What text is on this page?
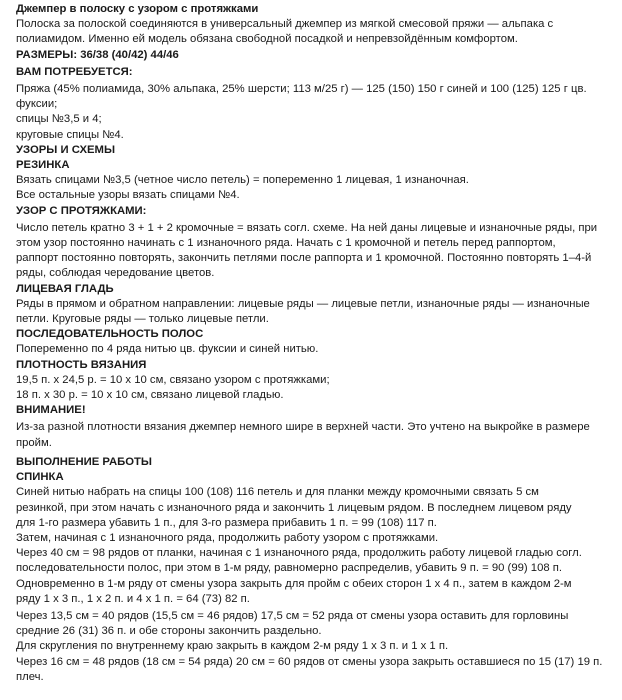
Джемпер в полоску с узором с протяжками
Полоска за полоской соединяются в универсальный джемпер из мягкой смесовой пряжи — альпака с
полиамидом. Именно ей модель обязана свободной посадкой и непревзойдённым комфортом.
РАЗМЕРЫ: 36/38 (40/42) 44/46
ВАМ ПОТРЕБУЕТСЯ:
Пряжа (45% полиамида, 30% альпака, 25% шерсти; 113 м/25 г) — 125 (150) 150 г синей и 100 (125) 125 г цв.
фуксии;
спицы №3,5 и 4;
круговые спицы №4.
УЗОРЫ И СХЕМЫ
РЕЗИНКА
Вязать спицами №3,5 (четное число петель) = попеременно 1 лицевая, 1 изнаночная.
Все остальные узоры вязать спицами №4.
УЗОР С ПРОТЯЖКАМИ:
Число петель кратно 3 + 1 + 2 кромочные = вязать согл. схеме. На ней даны лицевые и изнаночные ряды, при
этом узор постоянно начинать с 1 изнаночного ряда. Начать с 1 кромочной и петель перед раппортом,
раппорт постоянно повторять, закончить петлями после раппорта и 1 кромочной. Постоянно повторять 1–4-й
ряды, соблюдая чередование цветов.
ЛИЦЕВАЯ ГЛАДЬ
Ряды в прямом и обратном направлении: лицевые ряды — лицевые петли, изнаночные ряды — изнаночные
петли. Круговые ряды — только лицевые петли.
ПОСЛЕДОВАТЕЛЬНОСТЬ ПОЛОС
Попеременно по 4 ряда нитью цв. фуксии и синей нитью.
ПЛОТНОСТЬ ВЯЗАНИЯ
19,5 п. х 24,5 р. = 10 х 10 см, связано узором с протяжками;
18 п. х 30 р. = 10 х 10 см, связано лицевой гладью.
ВНИМАНИЕ!
Из-за разной плотности вязания джемпер немного шире в верхней части. Это учтено на выкройке в размере
пройм.
ВЫПОЛНЕНИЕ РАБОТЫ
СПИНКА
Синей нитью набрать на спицы 100 (108) 116 петель и для планки между кромочными связать 5 см
резинкой, при этом начать с изнаночного ряда и закончить 1 лицевым рядом. В последнем лицевом ряду
для 1-го размера убавить 1 п., для 3-го размера прибавить 1 п. = 99 (108) 117 п.
Затем, начиная с 1 изнаночного ряда, продолжить работу узором с протяжками.
Через 40 см = 98 рядов от планки, начиная с 1 изнаночного ряда, продолжить работу лицевой гладью согл.
последовательности полос, при этом в 1-м ряду, равномерно распределив, убавить 9 п. = 90 (99) 108 п.
Одновременно в 1-м ряду от смены узора закрыть для пройм с обеих сторон 1 х 4 п., затем в каждом 2-м
ряду 1 х 3 п., 1 х 2 п. и 4 х 1 п. = 64 (73) 82 п.
Через 13,5 см = 40 рядов (15,5 см = 46 рядов) 17,5 см = 52 ряда от смены узора оставить для горловины
средние 26 (31) 36 п. и обе стороны закончить раздельно.
Для скругления по внутреннему краю закрыть в каждом 2-м ряду 1 х 3 п. и 1 х 1 п.
Через 16 см = 48 рядов (18 см = 54 ряда) 20 см = 60 рядов от смены узора закрыть оставшиеся по 15 (17) 19 п.
плеч.
